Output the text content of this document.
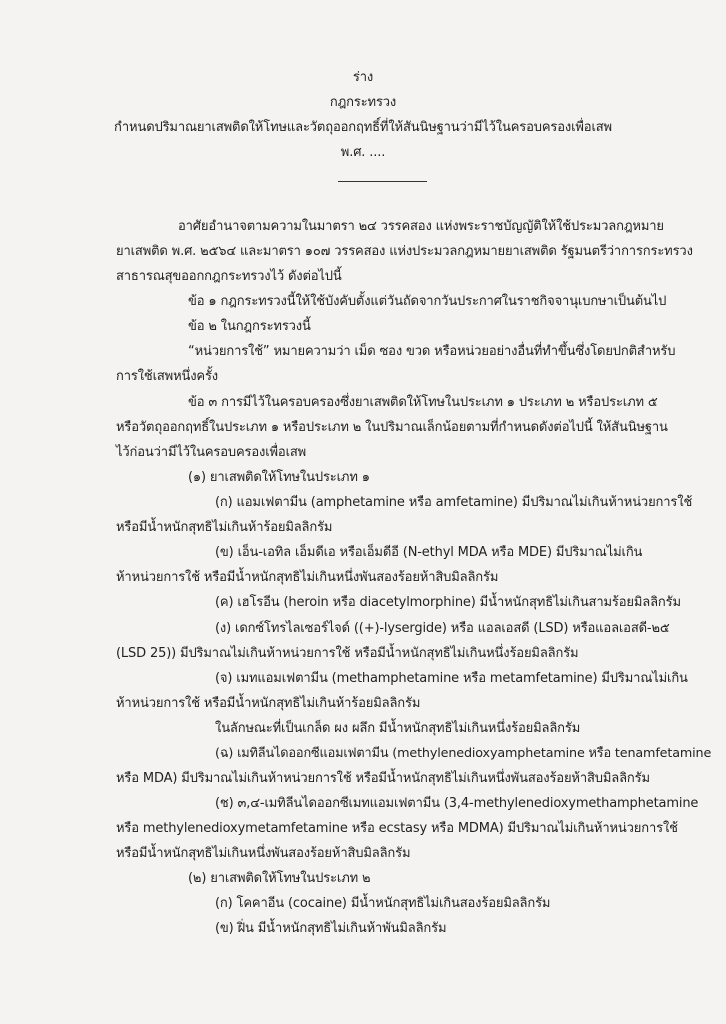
ร่าง

กฎกระทรวง

กำหนดปริมาณยาเสพติดให้โทษและวัตถุออกฤทธิ์ที่ให้สันนิษฐานว่ามีไว้ในครอบครองเพื่อเสพ

พ.ศ. ....

อาศัยอำนาจตามความในมาตรา ๒๔ วรรคสอง แห่งพระราชบัญญัติให้ใช้ประมวลกฎหมาย

ยาเสพติด พ.ศ. ๒๕๖๔ และมาตรา ๑๐๗ วรรคสอง แห่งประมวลกฎหมายยาเสพติด รัฐมนตรีว่าการกระทรวง

สาธารณสุขออกกฎกระทรวงไว้ ดังต่อไปนี้

ข้อ ๑ กฎกระทรวงนี้ให้ใช้บังคับตั้งแต่วันถัดจากวันประกาศในราชกิจจานุเบกษาเป็นต้นไป

ข้อ ๒ ในกฎกระทรวงนี้

“หน่วยการใช้” หมายความว่า เม็ด ซอง ขวด หรือหน่วยอย่างอื่นที่ทำขึ้นซึ่งโดยปกติสำหรับ

การใช้เสพหนึ่งครั้ง

ข้อ ๓ การมีไว้ในครอบครองซึ่งยาเสพติดให้โทษในประเภท ๑ ประเภท ๒ หรือประเภท ๕

หรือวัตถุออกฤทธิ์ในประเภท ๑ หรือประเภท ๒ ในปริมาณเล็กน้อยตามที่กำหนดดังต่อไปนี้ ให้สันนิษฐาน

ไว้ก่อนว่ามีไว้ในครอบครองเพื่อเสพ

(๑) ยาเสพติดให้โทษในประเภท ๑

(ก) แอมเฟตามีน (amphetamine หรือ amfetamine) มีปริมาณไม่เกินห้าหน่วยการใช้

หรือมีน้ำหนักสุทธิไม่เกินห้าร้อยมิลลิกรัม

(ข) เอ็น-เอทิล เอ็มดีเอ หรือเอ็มดีอี (N-ethyl MDA หรือ MDE) มีปริมาณไม่เกิน

ห้าหน่วยการใช้ หรือมีน้ำหนักสุทธิไม่เกินหนึ่งพันสองร้อยห้าสิบมิลลิกรัม

(ค) เฮโรอีน (heroin หรือ diacetylmorphine) มีน้ำหนักสุทธิไม่เกินสามร้อยมิลลิกรัม

(ง) เดกซ์โทรไลเซอร์ไจด์ ((+)-lysergide) หรือ แอลเอสดี (LSD) หรือแอลเอสดี-๒๕

(LSD 25)) มีปริมาณไม่เกินห้าหน่วยการใช้ หรือมีน้ำหนักสุทธิไม่เกินหนึ่งร้อยมิลลิกรัม

(จ) เมทแอมเฟตามีน (methamphetamine หรือ metamfetamine) มีปริมาณไม่เกิน

ห้าหน่วยการใช้ หรือมีน้ำหนักสุทธิไม่เกินห้าร้อยมิลลิกรัม

ในลักษณะที่เป็นเกล็ด ผง ผลึก มีน้ำหนักสุทธิไม่เกินหนึ่งร้อยมิลลิกรัม

(ฉ) เมทิลีนไดออกซีแอมเฟตามีน (methylenedioxyamphetamine หรือ tenamfetamine

หรือ MDA) มีปริมาณไม่เกินห้าหน่วยการใช้ หรือมีน้ำหนักสุทธิไม่เกินหนึ่งพันสองร้อยห้าสิบมิลลิกรัม

(ช) ๓,๔-เมทิลีนไดออกซีเมทแอมเฟตามีน (3,4-methylenedioxymethamphetamine

หรือ methylenedioxymetamfetamine หรือ ecstasy หรือ MDMA) มีปริมาณไม่เกินห้าหน่วยการใช้

หรือมีน้ำหนักสุทธิไม่เกินหนึ่งพันสองร้อยห้าสิบมิลลิกรัม

(๒) ยาเสพติดให้โทษในประเภท ๒

(ก) โคคาอีน (cocaine) มีน้ำหนักสุทธิไม่เกินสองร้อยมิลลิกรัม

(ข) ฝิ่น มีน้ำหนักสุทธิไม่เกินห้าพันมิลลิกรัม
